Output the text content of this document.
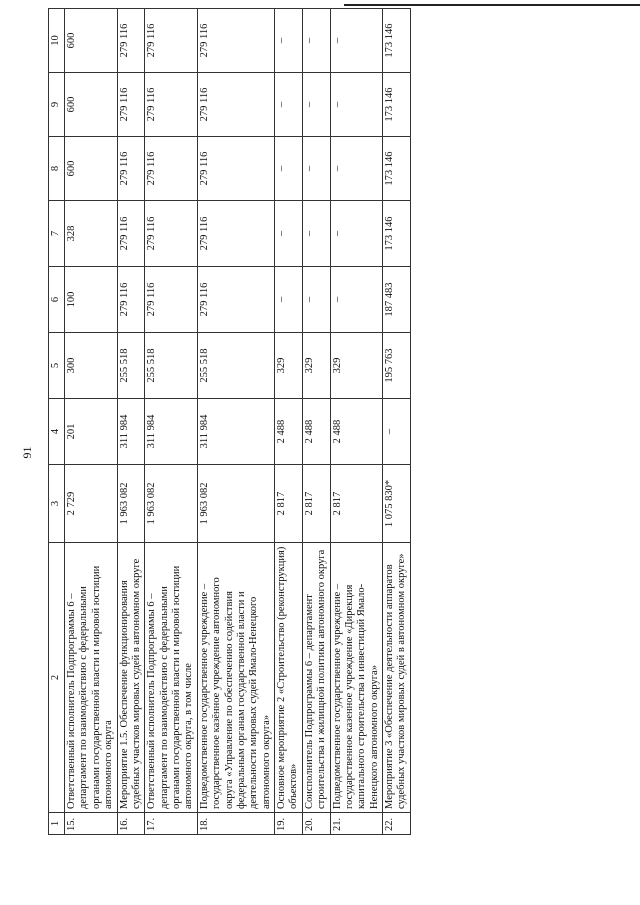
91
1	2	3	4	5	6	7	8	9	10
15.	Ответственный исполнитель Подпрограммы 6 – департамент по взаимодействию с федеральными органами государственной власти и мировой юстиции автономного округа	2 729	201	300	100	328	600	600	600
16.	Мероприятие 1.5. Обеспечение функционирования судебных участков мировых судей в автономном округе	1 963 082	311 984	255 518	279 116	279 116	279 116	279 116	279 116
17.	Ответственный исполнитель Подпрограммы 6 – департамент по взаимодействию с федеральными органами государственной власти и мировой юстиции автономного округа, в том числе	1 963 082	311 984	255 518	279 116	279 116	279 116	279 116	279 116
18.	Подведомственное государственное учреждение – государственное казённое учреждение автономного округа «Управление по обеспечению содействия федеральным органам государственной власти и деятельности мировых судей Ямало-Ненецкого автономного округа»	1 963 082	311 984	255 518	279 116	279 116	279 116	279 116	279 116
19.	Основное мероприятие 2 «Строительство (реконструкция) объектов»	2 817	2 488	329	–	–	–	–	–
20.	Соисполнитель Подпрограммы 6 – департамент строительства и жилищной политики автономного округа	2 817	2 488	329	–	–	–	–	–
21.	Подведомственное государственное учреждение – государственное казенное учреждение «Дирекция капитального строительства и инвестиций Ямало-Ненецкого автономного округа»	2 817	2 488	329	–	–	–	–	–
22.	Мероприятие 3 «Обеспечение деятельности аппаратов судебных участков мировых судей в автономном округе»	1 075 830*	–	195 763	187 483	173 146	173 146	173 146	173 146
